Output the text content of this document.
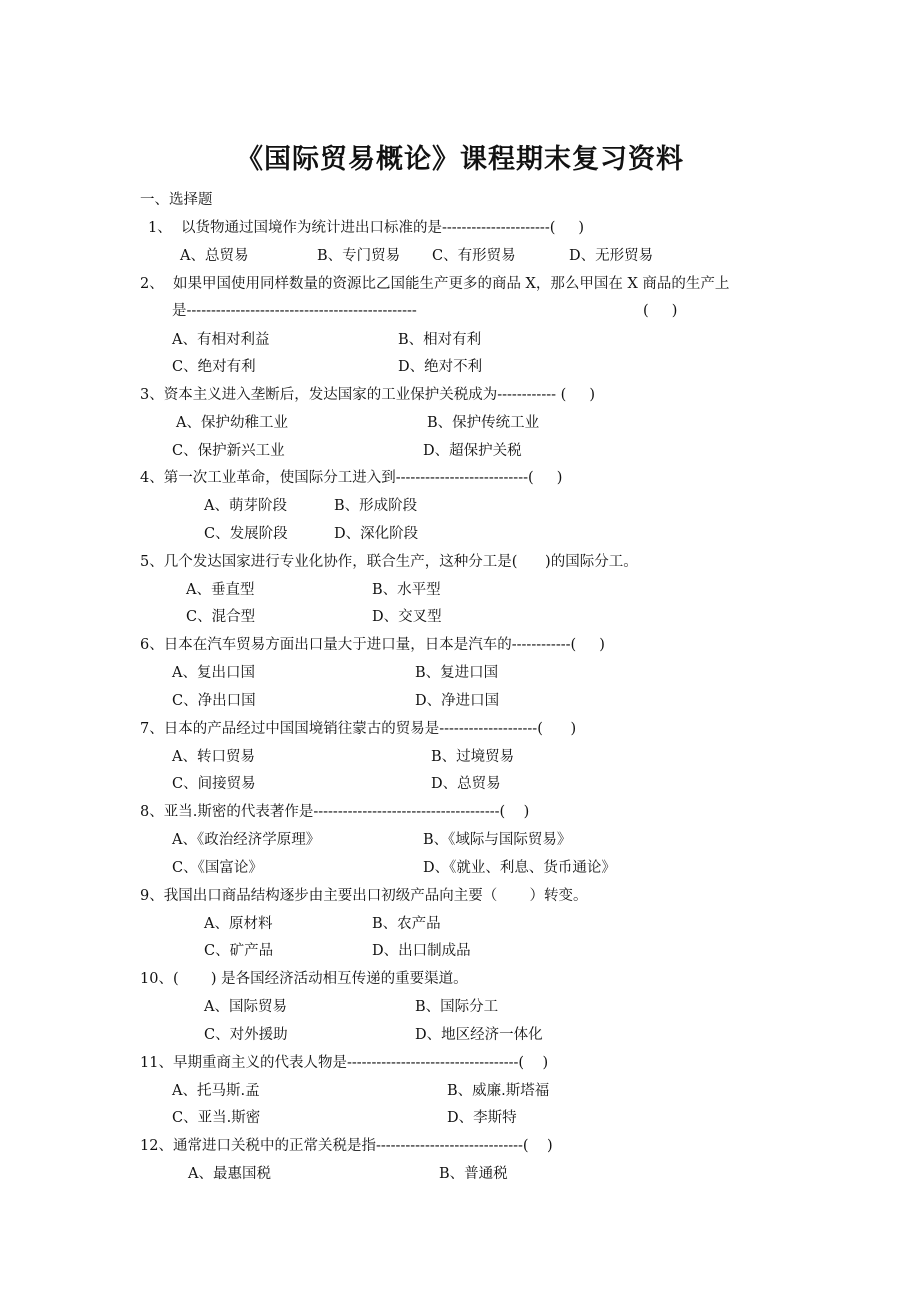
《国际贸易概论》课程期末复习资料
一、选择题
1、  以货物通过国境作为统计进出口标准的是----------------------(     )
A、总贸易	B、专门贸易 C、有形贸易	D、无形贸易
2、  如果甲国使用同样数量的资源比乙国能生产更多的商品 X，那么甲国在 X 商品的生产上
是-----------------------------------------------	(     )
A、有相对利益	B、相对有利
C、绝对有利	D、绝对不利
3、资本主义进入垄断后，发达国家的工业保护关税成为------------ (     )
A、保护幼稚工业	B、保护传统工业
C、保护新兴工业	D、超保护关税
4、第一次工业革命，使国际分工进入到---------------------------(     )
A、萌芽阶段	B、形成阶段
C、发展阶段	D、深化阶段
5、几个发达国家进行专业化协作，联合生产，这种分工是(      )的国际分工。
A、垂直型	B、水平型
C、混合型	D、交叉型
6、日本在汽车贸易方面出口量大于进口量，日本是汽车的------------(     )
A、复出口国	B、复进口国
C、净出口国	D、净进口国
7、日本的产品经过中国国境销往蒙古的贸易是--------------------(      )
A、转口贸易	B、过境贸易
C、间接贸易	D、总贸易
8、亚当.斯密的代表著作是--------------------------------------(    )
A、《政治经济学原理》	B、《域际与国际贸易》
C、《国富论》	D、《就业、利息、货币通论》
9、我国出口商品结构逐步由主要出口初级产品向主要（       ）转变。
A、原材料	B、农产品
C、矿产品	D、出口制成品
10、(       ) 是各国经济活动相互传递的重要渠道。
A、国际贸易	B、国际分工
C、对外援助	D、地区经济一体化
11、早期重商主义的代表人物是-----------------------------------(    )
A、托马斯.孟	B、威廉.斯塔福
C、亚当.斯密	D、李斯特
12、通常进口关税中的正常关税是指------------------------------(    )
A、最惠国税	B、普通税
